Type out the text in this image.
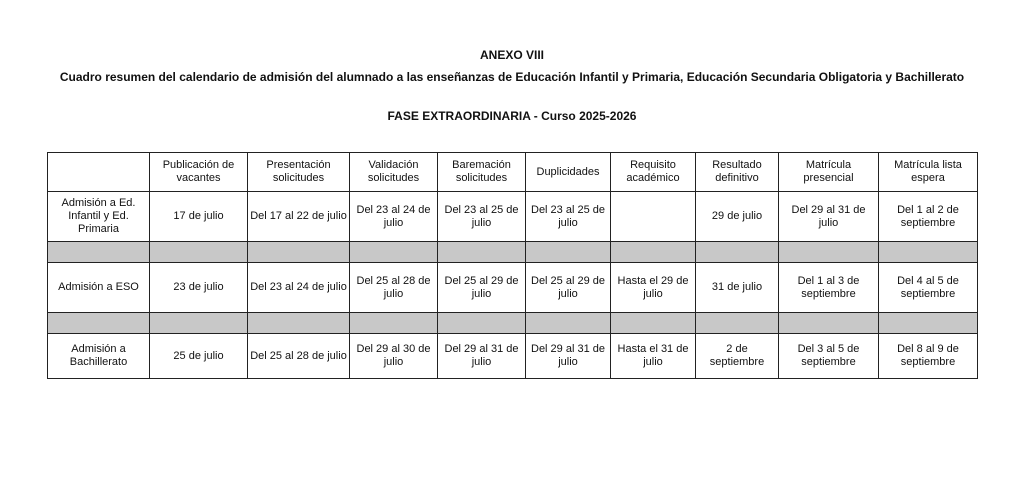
ANEXO VIII
Cuadro resumen del calendario de admisión del alumnado a las enseñanzas de Educación Infantil y Primaria, Educación Secundaria Obligatoria y Bachillerato
FASE EXTRAORDINARIA - Curso 2025-2026
	Publicación de vacantes	Presentación solicitudes	Validación solicitudes	Baremación solicitudes	Duplicidades	Requisito académico	Resultado definitivo	Matrícula presencial	Matrícula lista espera
Admisión a Ed. Infantil y Ed. Primaria	17 de julio	Del 17 al 22 de julio	Del 23 al 24 de julio	Del 23 al 25 de julio	Del 23 al 25 de julio		29 de julio	Del 29 al 31 de julio	Del 1 al 2 de septiembre

Admisión a ESO	23 de julio	Del 23 al 24 de julio	Del 25 al 28 de julio	Del 25 al 29 de julio	Del 25 al 29 de julio	Hasta el 29 de julio	31 de julio	Del 1 al 3 de septiembre	Del 4 al 5 de septiembre

Admisión a Bachillerato	25 de julio	Del 25 al 28 de julio	Del 29 al 30 de julio	Del 29 al 31 de julio	Del 29 al 31 de julio	Hasta el 31 de julio	2 de septiembre	Del 3 al 5 de septiembre	Del 8 al 9 de septiembre
